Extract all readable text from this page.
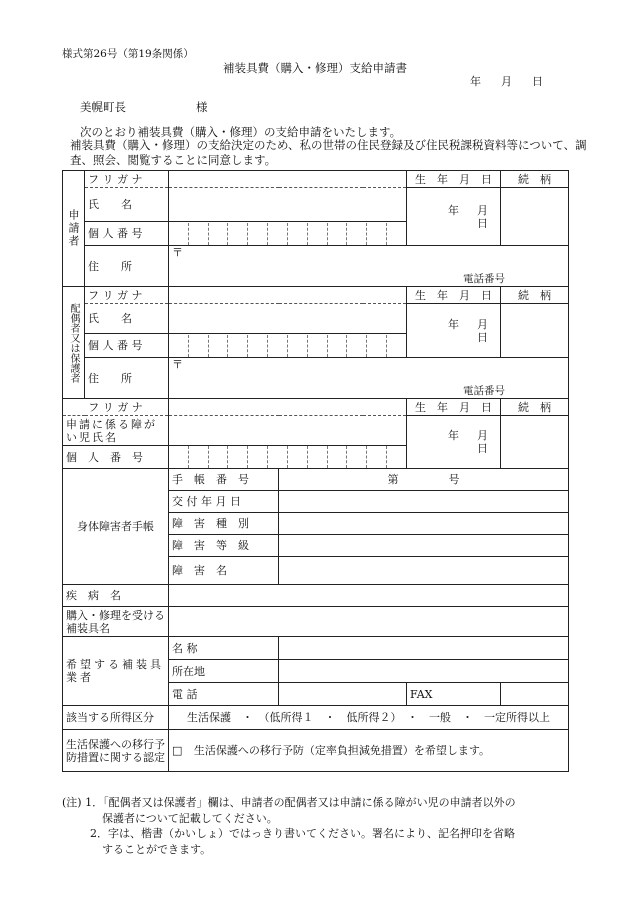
様式第26号（第19条関係）
補装具費（購入・修理）支給申請書
年 月 日
美幌町長	様
次のとおり補装具費（購入・修理）の支給申請をいたします。
補装具費（購入・修理）の支給決定のため、私の世帯の住民登録及び住民税課税資料等について、調査、照会、閲覧することに同意します。
申請者	フ リ ガ ナ			生　年　月　日	続　柄
	氏　　名			年 月日	
	個 人 番 号				

	住　　所	〒
電話番号			

配偶者又は保護者	フ リ ガ ナ			生　年　月　日	続　柄
	氏　　名			年 月日	
	個 人 番 号				

	住　　所	〒
電話番号			

フ リ ガ ナ				生　年　月　日	続　柄
申請に係る障がい児氏名				年 月日	
個　人　番　号					

身体障害者手帳		手　帳　番　号	第 号		
		交 付 年 月 日			
		障　害　種　別			
		障　害　等　級			
		障　害　名			
疾　病　名					
購入・修理を受ける補装具名					
希望する補装具業者		名 称			
		所在地			
		電 話		FAX	
該当する所得区分		生活保護　・　（低所得１　・　低所得２）　・　一般　・　一定所得以上			
生活保護への移行予防措置に関する認定		□ 生活保護への移行予防（定率負担減免措置）を希望します。			
(注) 1．「配偶者又は保護者」欄は、申請者の配偶者又は申請に係る障がい児の申請者以外の
保護者について記載してください。
2．字は、楷書（かいしょ）ではっきり書いてください。署名により、記名押印を省略
することができます。
